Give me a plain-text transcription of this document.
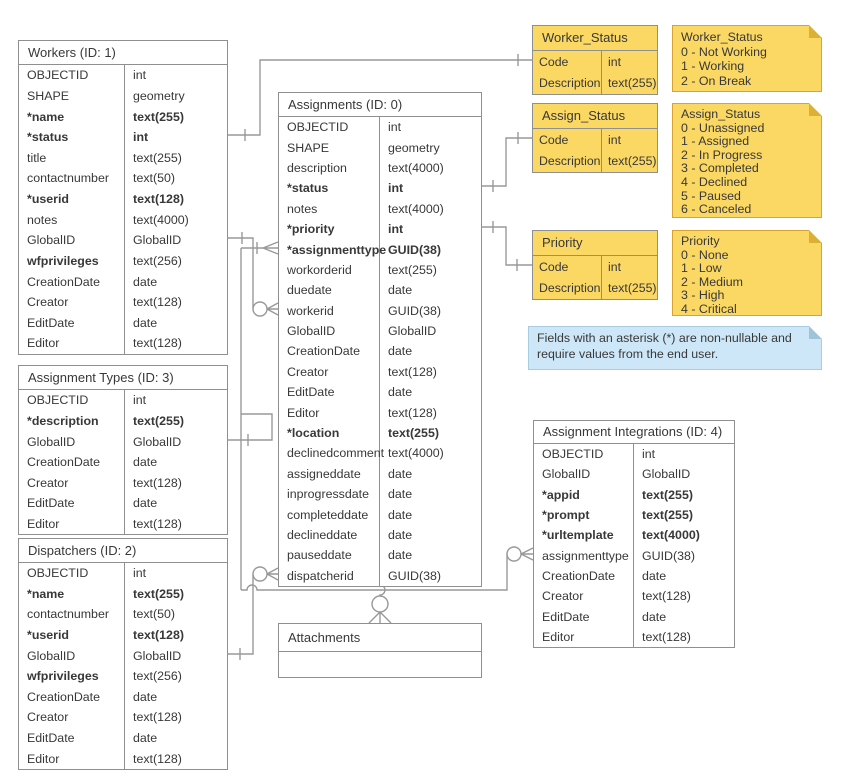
Workers (ID: 1)
OBJECTID	int
SHAPE	geometry
*name	text(255)
*status	int
title	text(255)
contactnumber	text(50)
*userid	text(128)
notes	text(4000)
GlobalID	GlobalID
wfprivileges	text(256)
CreationDate	date
Creator	text(128)
EditDate	date
Editor	text(128)
Assignment Types (ID: 3)
OBJECTID	int
*description	text(255)
GlobalID	GlobalID
CreationDate	date
Creator	text(128)
EditDate	date
Editor	text(128)
Dispatchers (ID: 2)
OBJECTID	int
*name	text(255)
contactnumber	text(50)
*userid	text(128)
GlobalID	GlobalID
wfprivileges	text(256)
CreationDate	date
Creator	text(128)
EditDate	date
Editor	text(128)
Assignments (ID: 0)
OBJECTID	int
SHAPE	geometry
description	text(4000)
*status	int
notes	text(4000)
*priority	int
*assignmenttype GUID(38)
workorderid	text(255)
duedate	date
workerid	GUID(38)
GlobalID	GlobalID
CreationDate	date
Creator	text(128)
EditDate	date
Editor	text(128)
*location	text(255)
declinedcomment text(4000)
assigneddate	date
inprogressdate	date
completeddate	date
declineddate	date
pauseddate	date
dispatcherid	GUID(38)
Attachments
Worker_Status
Code	int
Description text(255)
Assign_Status
Code	int
Description text(255)
Priority
Code	int
Description text(255)
Assignment Integrations (ID: 4)
OBJECTID	int
GlobalID	GlobalID
*appid	text(255)
*prompt	text(255)
*urltemplate	text(4000)
assignmenttype	GUID(38)
CreationDate	date
Creator	text(128)
EditDate	date
Editor	text(128)
Worker_Status
0 - Not Working
1 - Working
2 - On Break
Assign_Status
0 - Unassigned
1 - Assigned
2 - In Progress
3 - Completed
4 - Declined
5 - Paused
6 - Canceled
Priority
0 - None
1 - Low
2 - Medium
3 - High
4 - Critical
Fields with an asterisk (*) are non-nullable and require values from the end user.
